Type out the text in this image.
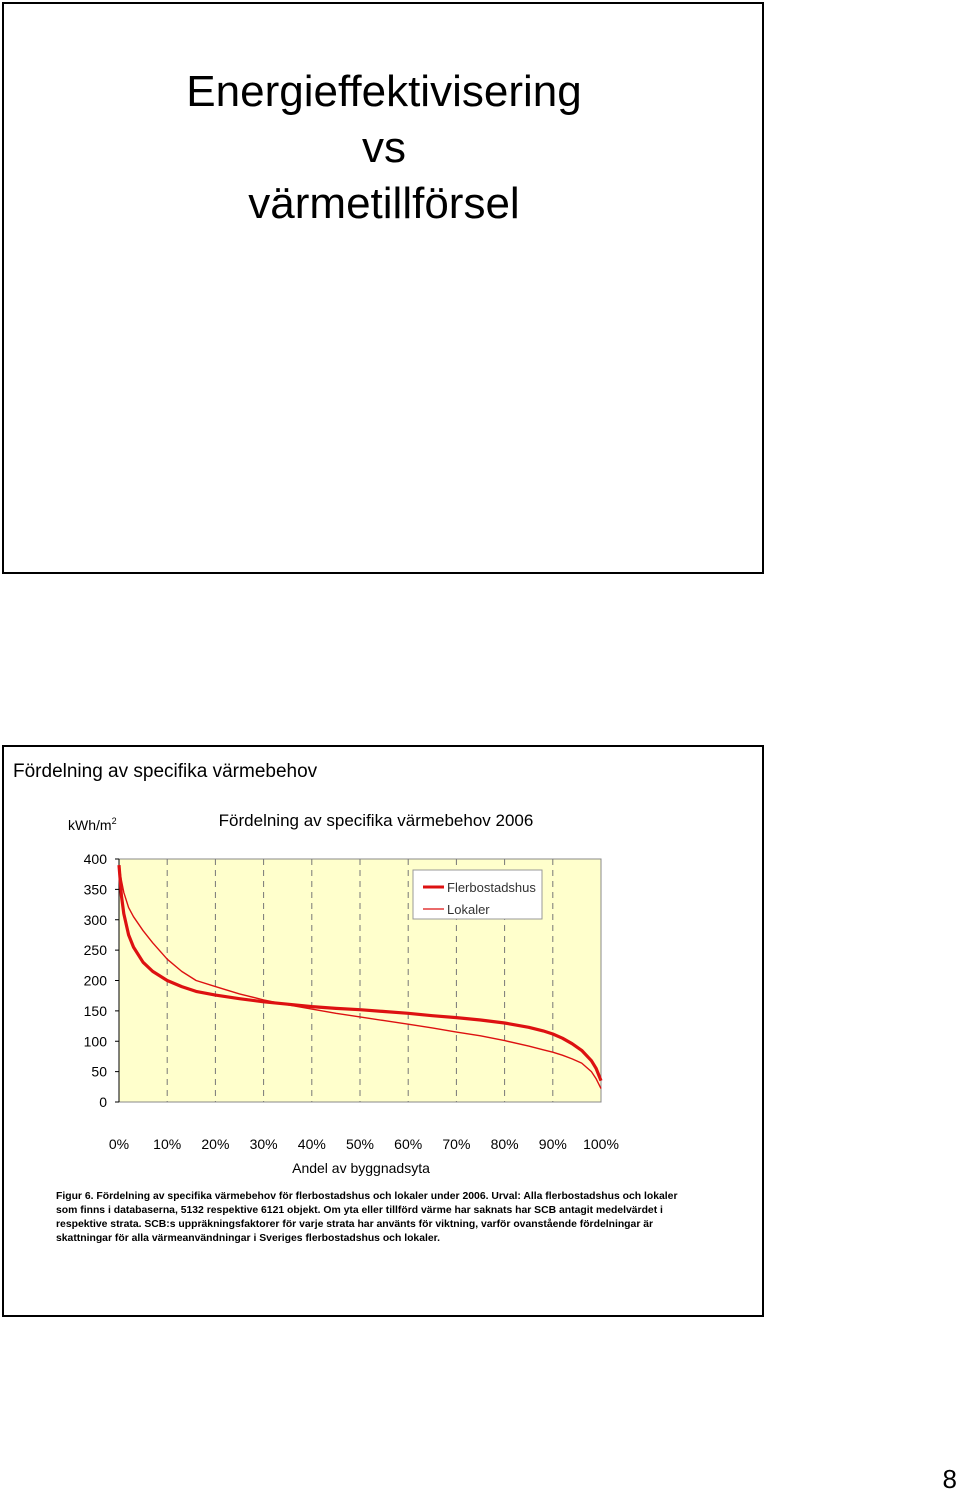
Energieffektivisering
vs
värmetillförsel
Fördelning av specifika värmebehov
0
50
100
150
200
250
300
350
400
0% 10% 20% 30% 40% 50% 60% 70% 80% 90% 100%
Fördelning av specifika värmebehov 2006
kWh/$m^2$
Andel av byggnadsyta
Flerbostadshus
Lokaler
Figur 6. Fördelning av specifika värmebehov för flerbostadshus och lokaler under 2006. Urval: Alla flerbostadshus och lokaler som finns i databaserna, 5132 respektive 6121 objekt. Om yta eller tillförd värme har saknats har SCB antagit medelvärdet i respektive strata. SCB:s uppräkningsfaktorer för varje strata har använts för viktning, varför ovanstående fördelningar är skattningar för alla värmeanvändningar i Sveriges flerbostadshus och lokaler.
8
